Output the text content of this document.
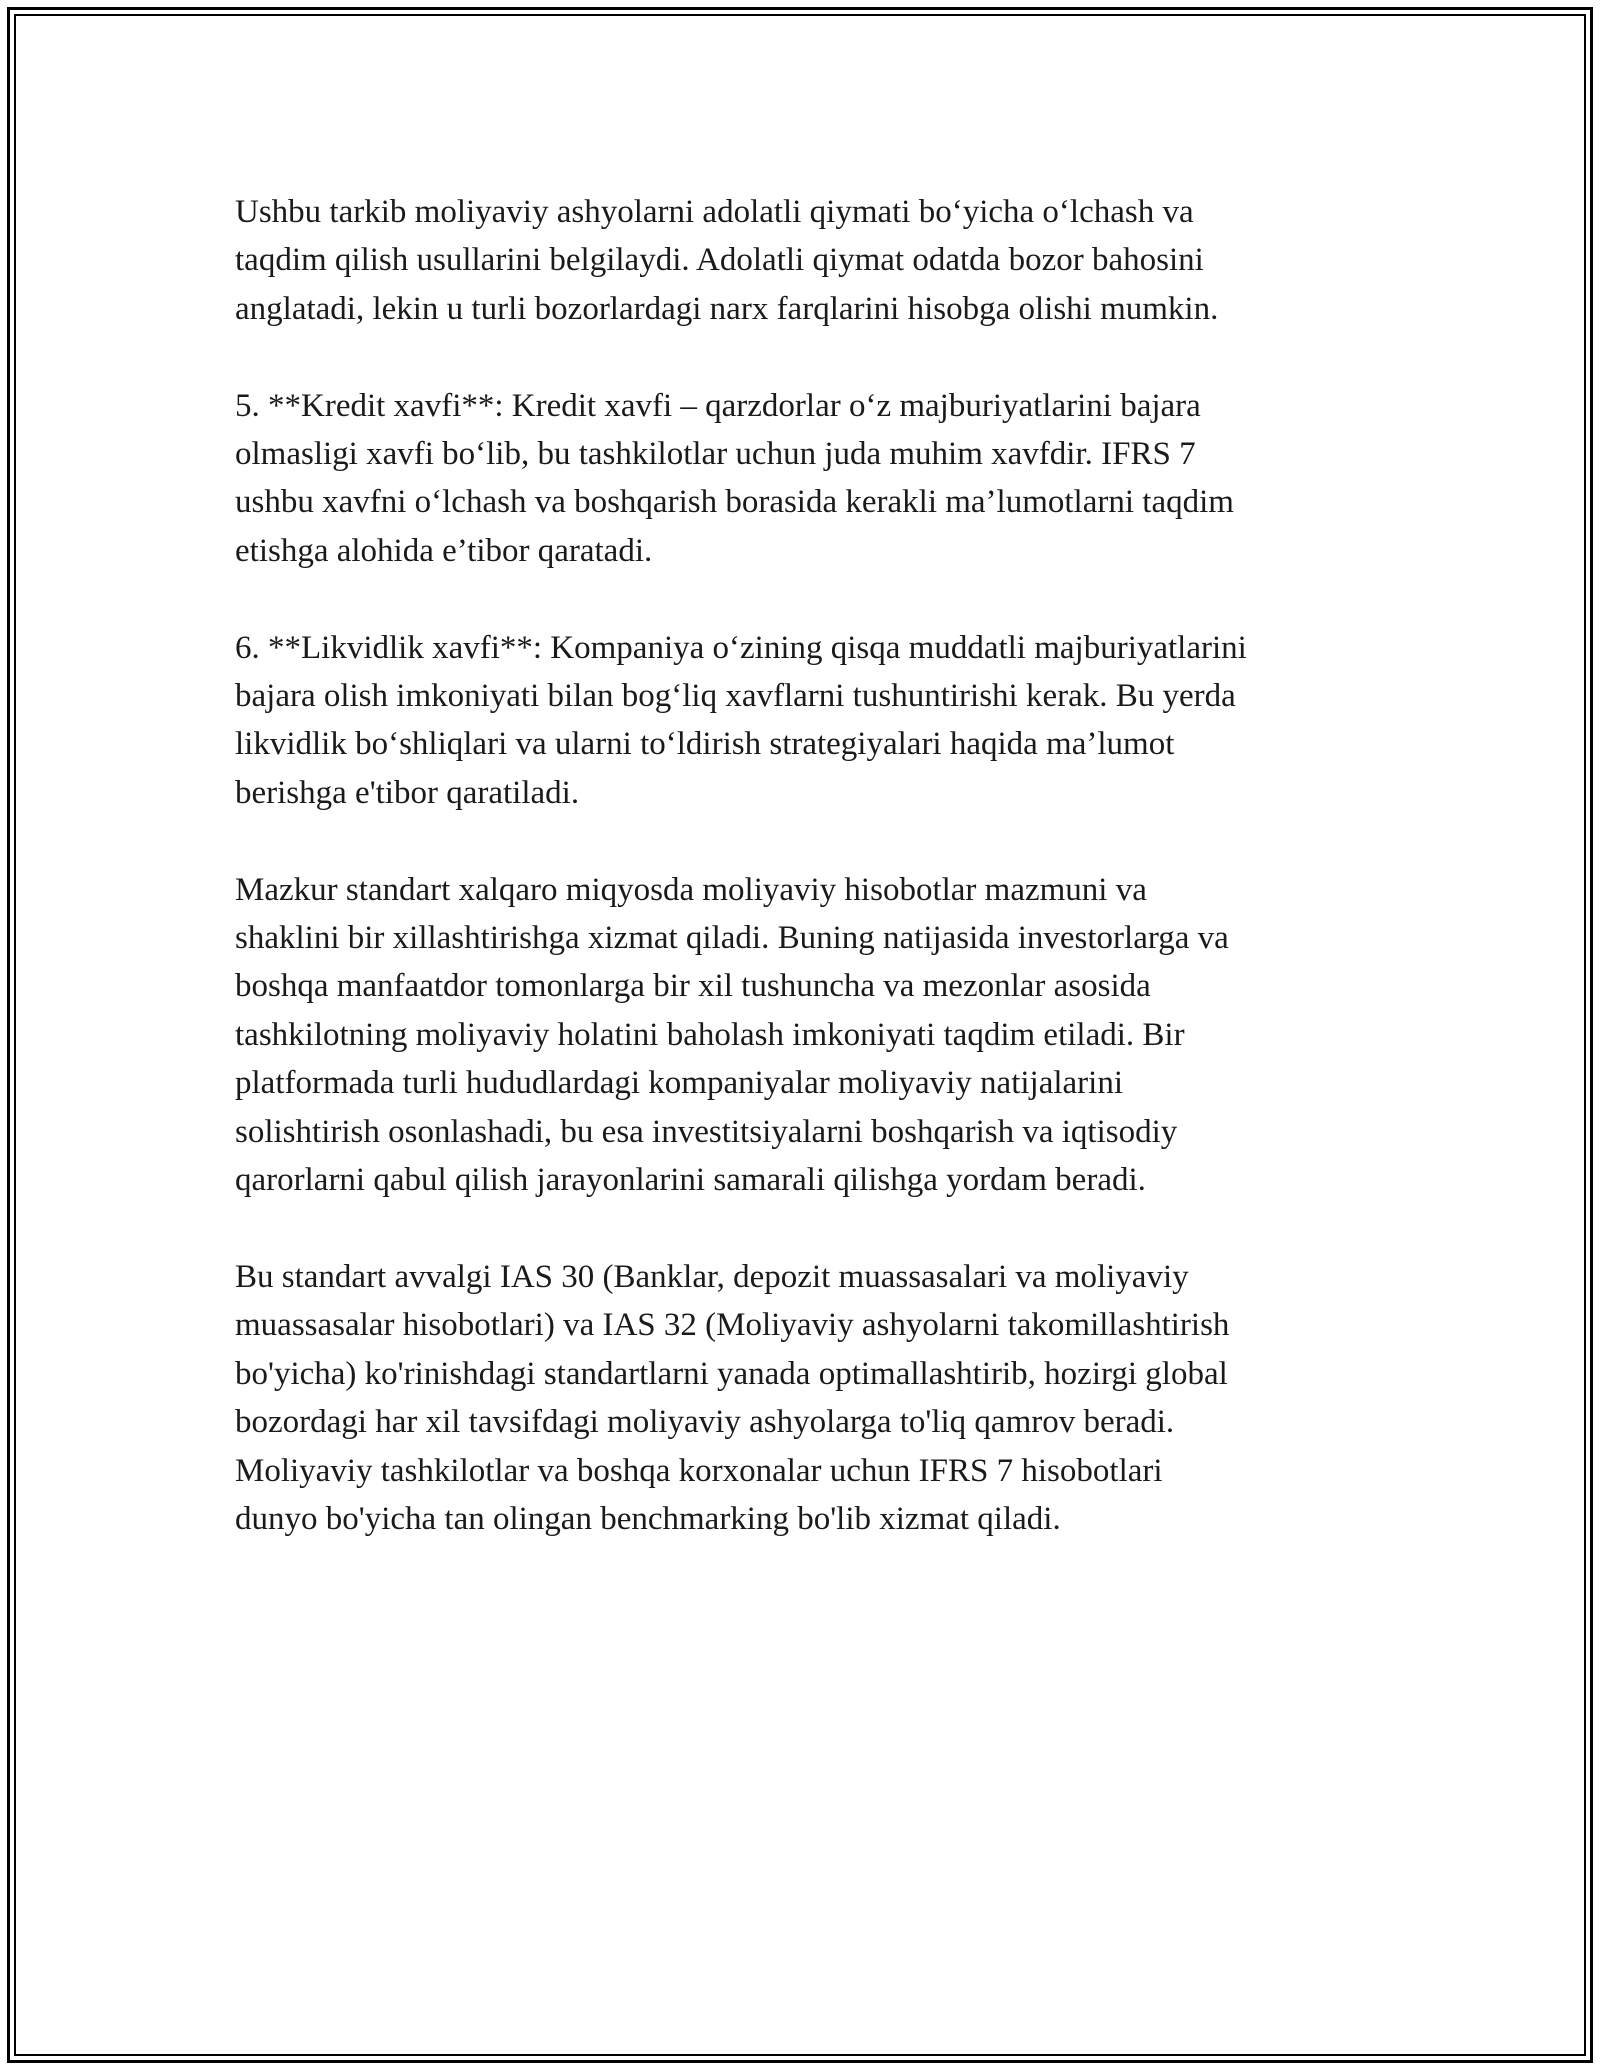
Ushbu tarkib moliyaviy ashyolarni adolatli qiymati bo‘yicha o‘lchash va
taqdim qilish usullarini belgilaydi. Adolatli qiymat odatda bozor bahosini
anglatadi, lekin u turli bozorlardagi narx farqlarini hisobga olishi mumkin.

5. **Kredit xavfi**: Kredit xavfi – qarzdorlar o‘z majburiyatlarini bajara
olmasligi xavfi bo‘lib, bu tashkilotlar uchun juda muhim xavfdir. IFRS 7
ushbu xavfni o‘lchash va boshqarish borasida kerakli ma’lumotlarni taqdim
etishga alohida e’tibor qaratadi.

6. **Likvidlik xavfi**: Kompaniya o‘zining qisqa muddatli majburiyatlarini
bajara olish imkoniyati bilan bog‘liq xavflarni tushuntirishi kerak. Bu yerda
likvidlik bo‘shliqlari va ularni to‘ldirish strategiyalari haqida ma’lumot
berishga e'tibor qaratiladi.

Mazkur standart xalqaro miqyosda moliyaviy hisobotlar mazmuni va
shaklini bir xillashtirishga xizmat qiladi. Buning natijasida investorlarga va
boshqa manfaatdor tomonlarga bir xil tushuncha va mezonlar asosida
tashkilotning moliyaviy holatini baholash imkoniyati taqdim etiladi. Bir
platformada turli hududlardagi kompaniyalar moliyaviy natijalarini
solishtirish osonlashadi, bu esa investitsiyalarni boshqarish va iqtisodiy
qarorlarni qabul qilish jarayonlarini samarali qilishga yordam beradi.

Bu standart avvalgi IAS 30 (Banklar, depozit muassasalari va moliyaviy
muassasalar hisobotlari) va IAS 32 (Moliyaviy ashyolarni takomillashtirish
bo'yicha) ko'rinishdagi standartlarni yanada optimallashtirib, hozirgi global
bozordagi har xil tavsifdagi moliyaviy ashyolarga to'liq qamrov beradi.
Moliyaviy tashkilotlar va boshqa korxonalar uchun IFRS 7 hisobotlari
dunyo bo'yicha tan olingan benchmarking bo'lib xizmat qiladi.
